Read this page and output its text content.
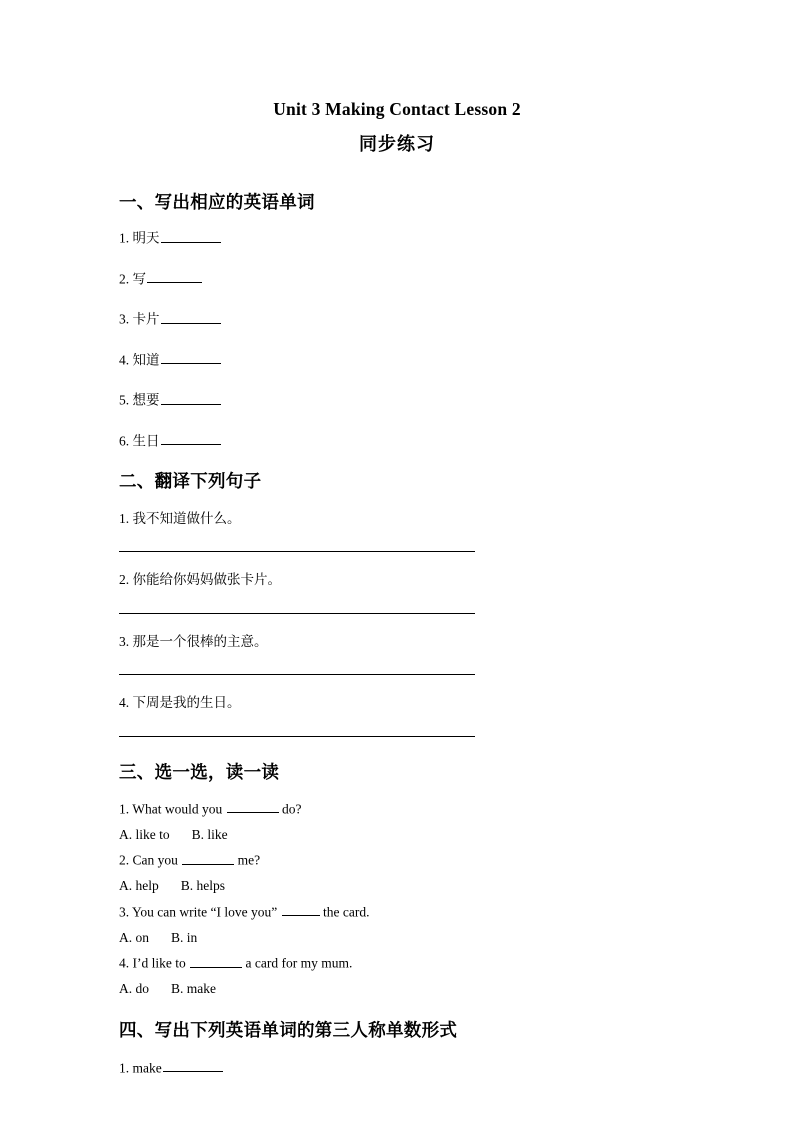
Unit 3 Making Contact Lesson 2
同步练习
一、写出相应的英语单词
1. 明天
2. 写
3. 卡片
4. 知道
5. 想要
6. 生日
二、翻译下列句子
1. 我不知道做什么。
2. 你能给你妈妈做张卡片。
3. 那是一个很棒的主意。
4. 下周是我的生日。
三、选一选，读一读
1. What would you	do?
A. like to B. like
2. Can you	me?
A. help B. helps
3. You can write “I love you”	the card.
A. on B. in
4. I’d like to	a card for my mum.
A. do B. make
四、写出下列英语单词的第三人称单数形式
1. make
